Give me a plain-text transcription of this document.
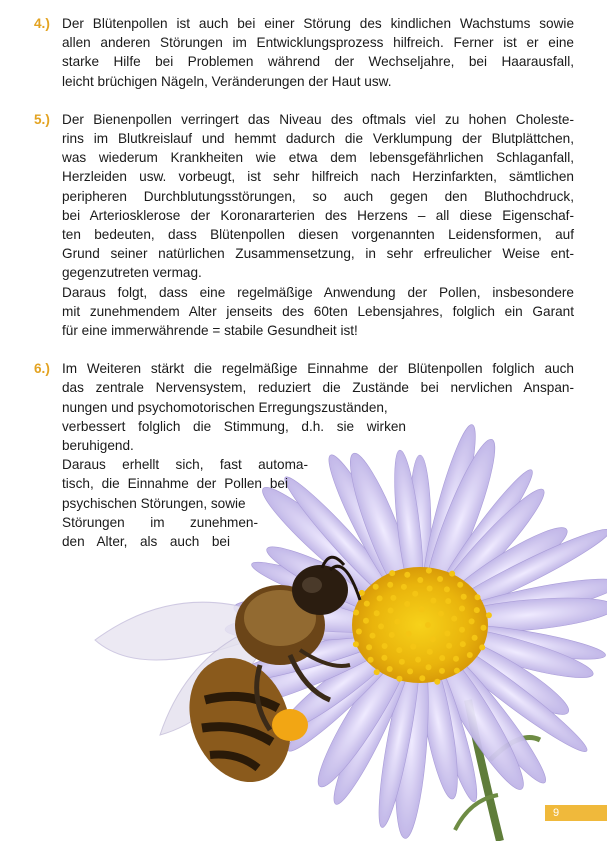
4.) Der Blütenpollen ist auch bei einer Störung des kindlichen Wachstums sowie
allen anderen Störungen im Entwicklungsprozess hilfreich. Ferner ist er eine
starke Hilfe bei Problemen während der Wechseljahre, bei Haarausfall,
leicht brüchigen Nägeln, Veränderungen der Haut usw.

5.) Der Bienenpollen verringert das Niveau des oftmals viel zu hohen Choleste-
rins im Blutkreislauf und hemmt dadurch die Verklumpung der Blutplättchen,
was wiederum Krankheiten wie etwa dem lebensgefährlichen Schlaganfall,
Herzleiden usw. vorbeugt, ist sehr hilfreich nach Herzinfarkten, sämtlichen
peripheren Durchblutungsstörungen, so auch gegen den Bluthochdruck,
bei Arteriosklerose der Koronararterien des Herzens – all diese Eigenschaf-
ten bedeuten, dass Blütenpollen diesen vorgenannten Leidensformen, auf
Grund seiner natürlichen Zusammensetzung, in sehr erfreulicher Weise ent-
gegenzutreten vermag.
Daraus folgt, dass eine regelmäßige Anwendung der Pollen, insbesondere
mit zunehmendem Alter jenseits des 60ten Lebensjahres, folglich ein Garant
für eine immerwährende = stabile Gesundheit ist!

6.) Im Weiteren stärkt die regelmäßige Einnahme der Blütenpollen folglich auch
das zentrale Nervensystem, reduziert die Zustände bei nervlichen Anspan-
nungen und psychomotorischen Erregungszuständen,
verbessert folglich die Stimmung, d.h. sie wirken
beruhigend.
Daraus erhellt sich, fast automa-
tisch, die Einnahme der Pollen bei
psychischen Störungen, sowie
Störungen im zunehmen-
den Alter, als auch bei

9
